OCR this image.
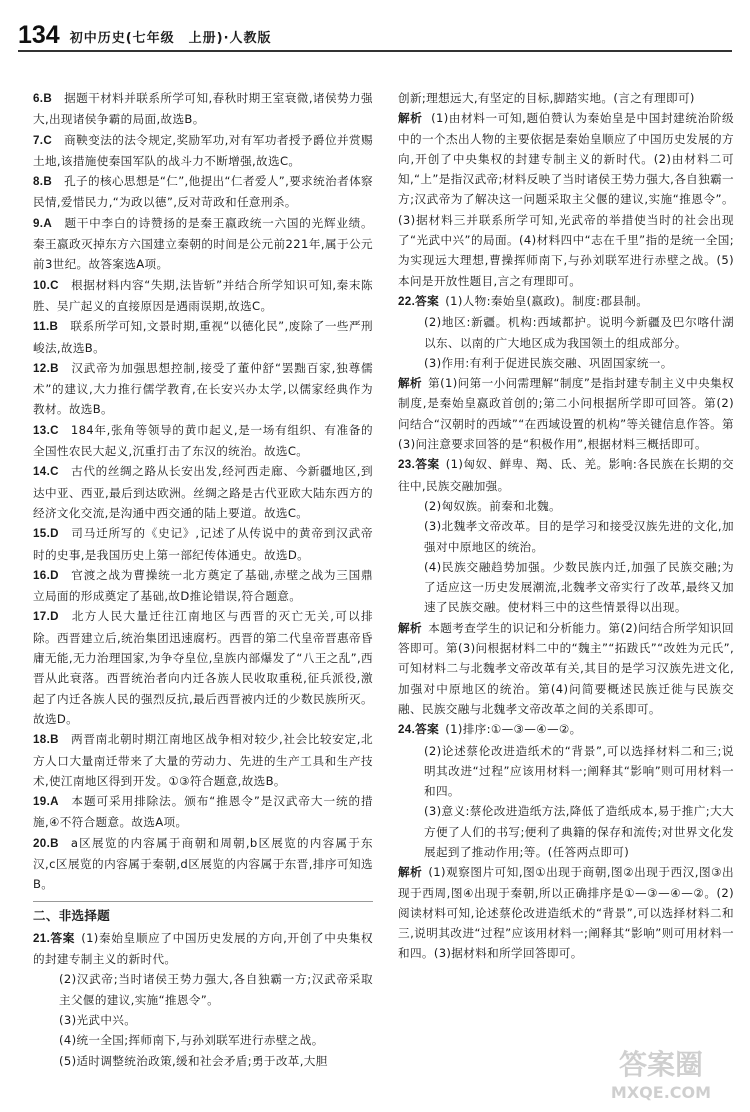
134 初中历史(七年级　上册)·人教版

6.B  据题干材料并联系所学可知,春秋时期王室衰微,诸侯势力强大,出现诸侯争霸的局面,故选B。

7.C  商鞅变法的法令规定,奖励军功,对有军功者授予爵位并赏赐土地,该措施使秦国军队的战斗力不断增强,故选C。

8.B  孔子的核心思想是“仁”,他提出“仁者爱人”,要求统治者体察民情,爱惜民力,“为政以德”,反对苛政和任意刑杀。

9.A  题干中李白的诗赞扬的是秦王嬴政统一六国的光辉业绩。秦王嬴政灭掉东方六国建立秦朝的时间是公元前221年,属于公元前3世纪。故答案选A项。

10.C  根据材料内容“失期,法皆斩”并结合所学知识可知,秦末陈胜、吴广起义的直接原因是遇雨误期,故选C。

11.B  联系所学可知,文景时期,重视“以德化民”,废除了一些严刑峻法,故选B。

12.B  汉武帝为加强思想控制,接受了董仲舒“罢黜百家,独尊儒术”的建议,大力推行儒学教育,在长安兴办太学,以儒家经典作为教材。故选B。

13.C  184年,张角等领导的黄巾起义,是一场有组织、有准备的全国性农民大起义,沉重打击了东汉的统治。故选C。

14.C  古代的丝绸之路从长安出发,经河西走廊、今新疆地区,到达中亚、西亚,最后到达欧洲。丝绸之路是古代亚欧大陆东西方的经济文化交流,是沟通中西交通的陆上要道。故选C。

15.D  司马迁所写的《史记》,记述了从传说中的黄帝到汉武帝时的史事,是我国历史上第一部纪传体通史。故选D。

16.D  官渡之战为曹操统一北方奠定了基础,赤壁之战为三国鼎立局面的形成奠定了基础,故D推论错误,符合题意。

17.D  北方人民大量迁往江南地区与西晋的灭亡无关,可以排除。西晋建立后,统治集团迅速腐朽。西晋的第二代皇帝晋惠帝昏庸无能,无力治理国家,为争夺皇位,皇族内部爆发了“八王之乱”,西晋从此衰落。西晋统治者向内迁各族人民收取重税,征兵派役,激起了内迁各族人民的强烈反抗,最后西晋被内迁的少数民族所灭。故选D。

18.B  两晋南北朝时期江南地区战争相对较少,社会比较安定,北方人口大量南迁带来了大量的劳动力、先进的生产工具和生产技术,使江南地区得到开发。①③符合题意,故选B。

19.A  本题可采用排除法。颁布“推恩令”是汉武帝大一统的措施,④不符合题意。故选A项。

20.B  a区展览的内容属于商朝和周朝,b区展览的内容属于东汉,c区展览的内容属于秦朝,d区展览的内容属于东晋,排序可知选B。

二、非选择题

21.答案  (1)秦始皇顺应了中国历史发展的方向,开创了中央集权的封建专制主义的新时代。

(2)汉武帝;当时诸侯王势力强大,各自独霸一方;汉武帝采取主父偃的建议,实施“推恩令”。

(3)光武中兴。

(4)统一全国;挥师南下,与孙刘联军进行赤壁之战。

(5)适时调整统治政策,缓和社会矛盾;勇于改革,大胆

创新;理想远大,有坚定的目标,脚踏实地。(言之有理即可)

解析 (1)由材料一可知,题伯赞认为秦始皇是中国封建统治阶级中的一个杰出人物的主要依据是秦始皇顺应了中国历史发展的方向,开创了中央集权的封建专制主义的新时代。(2)由材料二可知,“上”是指汉武帝;材料反映了当时诸侯王势力强大,各自独霸一方;汉武帝为了解决这一问题采取主父偃的建议,实施“推恩令”。(3)据材料三并联系所学可知,光武帝的举措使当时的社会出现了“光武中兴”的局面。(4)材料四中“志在千里”指的是统一全国;为实现远大理想,曹操挥师南下,与孙刘联军进行赤壁之战。(5)本问是开放性题目,言之有理即可。

22.答案  (1)人物:秦始皇(嬴政)。制度:郡县制。

(2)地区:新疆。机构:西域都护。说明今新疆及巴尔喀什湖以东、以南的广大地区成为我国领土的组成部分。

(3)作用:有利于促进民族交融、巩固国家统一。

解析  第(1)问第一小问需理解“制度”是指封建专制主义中央集权制度,是秦始皇嬴政首创的;第二小问根据所学即可回答。第(2)问结合“汉朝时的西域”“在西域设置的机构”等关键信息作答。第(3)问注意要求回答的是“积极作用”,根据材料三概括即可。

23.答案  (1)匈奴、鲜卑、羯、氐、羌。影响:各民族在长期的交往中,民族交融加强。

(2)匈奴族。前秦和北魏。

(3)北魏孝文帝改革。目的是学习和接受汉族先进的文化,加强对中原地区的统治。

(4)民族交融趋势加强。少数民族内迁,加强了民族交融;为了适应这一历史发展潮流,北魏孝文帝实行了改革,最终又加速了民族交融。使材料三中的这些情景得以出现。

解析  本题考查学生的识记和分析能力。第(2)问结合所学知识回答即可。第(3)问根据材料二中的“魏主”“拓跋氏”“改姓为元氏”,可知材料二与北魏孝文帝改革有关,其目的是学习汉族先进文化,加强对中原地区的统治。第(4)问简要概述民族迁徙与民族交融、民族交融与北魏孝文帝改革之间的关系即可。

24.答案  (1)排序:①—③—④—②。

(2)论述蔡伦改进造纸术的“背景”,可以选择材料二和三;说明其改进“过程”应该用材料一;阐释其“影响”则可用材料一和四。

(3)意义:蔡伦改进造纸方法,降低了造纸成本,易于推广;大大方便了人们的书写;便利了典籍的保存和流传;对世界文化发展起到了推动作用;等。(任答两点即可)

解析  (1)观察图片可知,图①出现于商朝,图②出现于西汉,图③出现于西周,图④出现于秦朝,所以正确排序是①—③—④—②。(2)阅读材料可知,论述蔡伦改进造纸术的“背景”,可以选择材料二和三,说明其改进“过程”应该用材料一;阐释其“影响”则可用材料一和四。(3)据材料和所学回答即可。

答案圈
MXQE.COM
